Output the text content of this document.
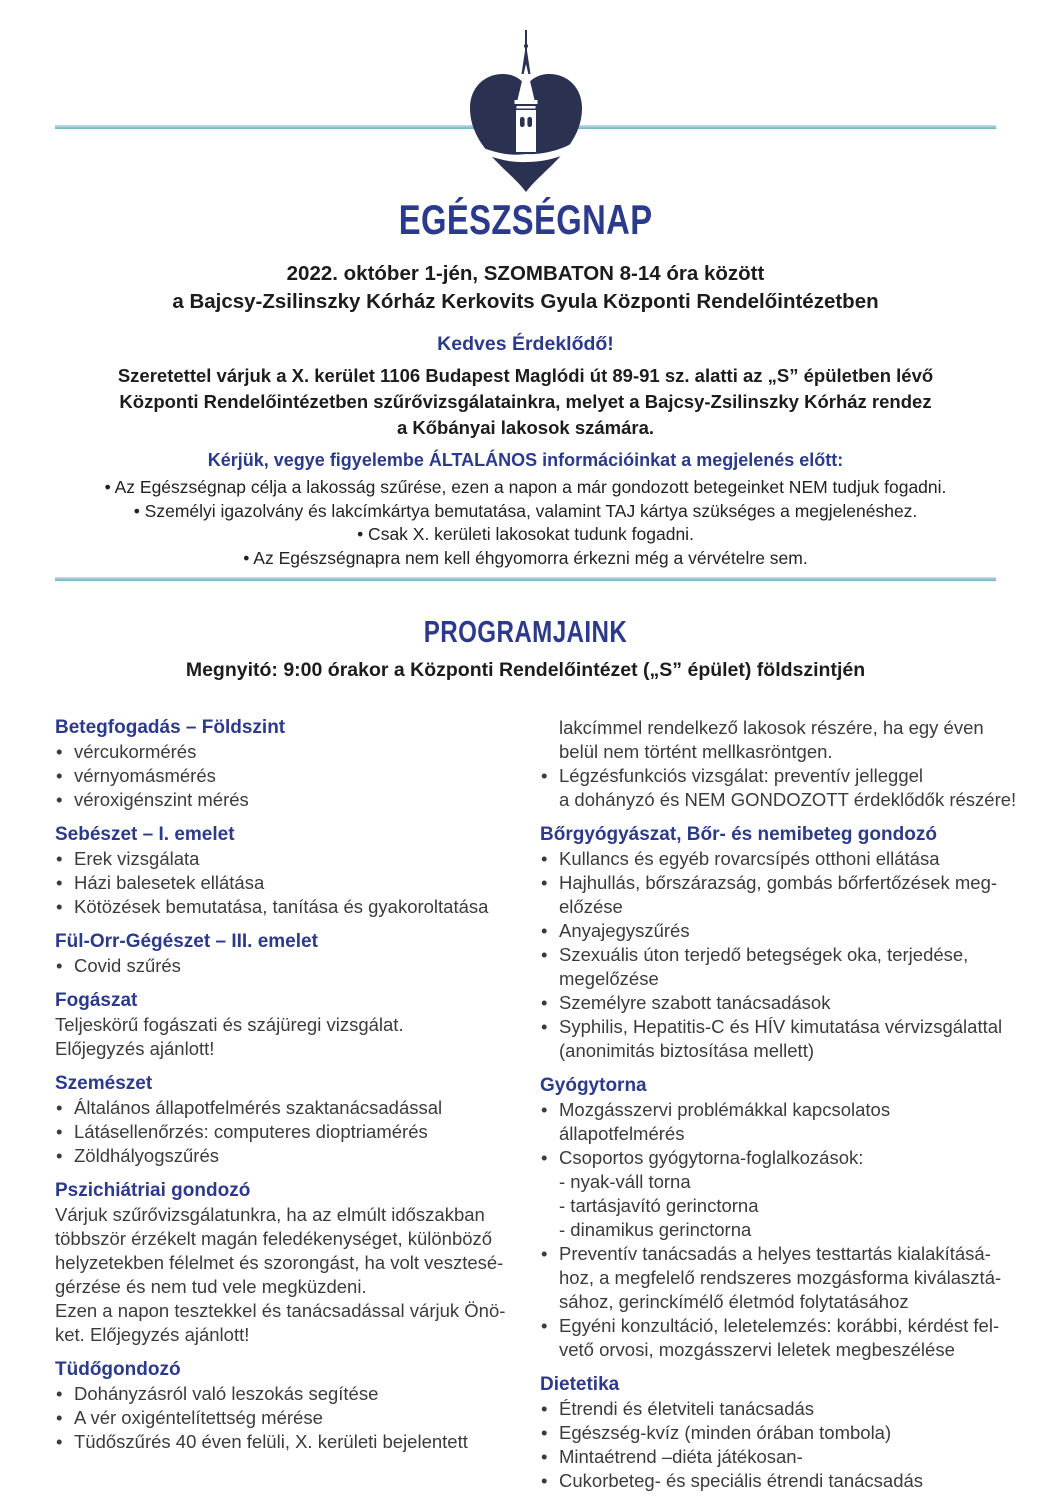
EGÉSZSÉGNAP

2022. október 1-jén, SZOMBATON 8-14 óra között

a Bajcsy-Zsilinszky Kórház Kerkovits Gyula Központi Rendelőintézetben

Kedves Érdeklődő!

Szeretettel várjuk a X. kerület 1106 Budapest Maglódi út 89-91 sz. alatti az „S” épületben lévő
Központi Rendelőintézetben szűrővizsgálatainkra, melyet a Bajcsy-Zsilinszky Kórház rendez
a Kőbányai lakosok számára.

Kérjük, vegye figyelembe ÁLTALÁNOS információinkat a megjelenés előtt:

• Az Egészségnap célja a lakosság szűrése, ezen a napon a már gondozott betegeinket NEM tudjuk fogadni.
• Személyi igazolvány és lakcímkártya bemutatása, valamint TAJ kártya szükséges a megjelenéshez.
• Csak X. kerületi lakosokat tudunk fogadni.
• Az Egészségnapra nem kell éhgyomorra érkezni még a vérvételre sem.
PROGRAMJAINK

Megnyitó: 9:00 órakor a Központi Rendelőintézet („S” épület) földszintjén

Betegfogadás – Földszint
• vércukormérés
• vérnyomásmérés
• véroxigénszint mérés
Sebészet – I. emelet
• Erek vizsgálata
• Házi balesetek ellátása
• Kötözések bemutatása, tanítása és gyakoroltatása
Fül-Orr-Gégészet – III. emelet
• Covid szűrés
Fogászat
Teljeskörű fogászati és szájüregi vizsgálat.
Előjegyzés ajánlott!
Szemészet
• Általános állapotfelmérés szaktanácsadással
• Látásellenőrzés: computeres dioptriamérés
• Zöldhályogszűrés
Pszichiátriai gondozó
Várjuk szűrővizsgálatunkra, ha az elmúlt időszakban
többször érzékelt magán feledékenységet, különböző
helyzetekben félelmet és szorongást, ha volt vesztesé-
gérzése és nem tud vele megküzdeni.
Ezen a napon tesztekkel és tanácsadással várjuk Önö-
ket. Előjegyzés ajánlott!
Tüdőgondozó
• Dohányzásról való leszokás segítése
• A vér oxigéntelítettség mérése
• Tüdőszűrés 40 éven felüli, X. kerületi bejelentett
lakcímmel rendelkező lakosok részére, ha egy éven
belül nem történt mellkasröntgen.
• Légzésfunkciós vizsgálat: preventív jelleggel
a dohányzó és NEM GONDOZOTT érdeklődők részére!
Bőrgyógyászat, Bőr- és nemibeteg gondozó
• Kullancs és egyéb rovarcsípés otthoni ellátása
• Hajhullás, bőrszárazság, gombás bőrfertőzések meg-
előzése
• Anyajegyszűrés
• Szexuális úton terjedő betegségek oka, terjedése,
megelőzése
• Személyre szabott tanácsadások
• Syphilis, Hepatitis-C és HÍV kimutatása vérvizsgálattal
(anonimitás biztosítása mellett)
Gyógytorna
• Mozgásszervi problémákkal kapcsolatos
állapotfelmérés
• Csoportos gyógytorna-foglalkozások:
- nyak-váll torna
- tartásjavító gerinctorna
- dinamikus gerinctorna
• Preventív tanácsadás a helyes testtartás kialakításá-
hoz, a megfelelő rendszeres mozgásforma kiválasztá-
sához, gerinckímélő életmód folytatásához
• Egyéni konzultáció, leletelemzés: korábbi, kérdést fel-
vető orvosi, mozgásszervi leletek megbeszélése
Dietetika
• Étrendi és életviteli tanácsadás
• Egészség-kvíz (minden órában tombola)
• Mintaétrend –diéta játékosan-
• Cukorbeteg- és speciális étrendi tanácsadás
